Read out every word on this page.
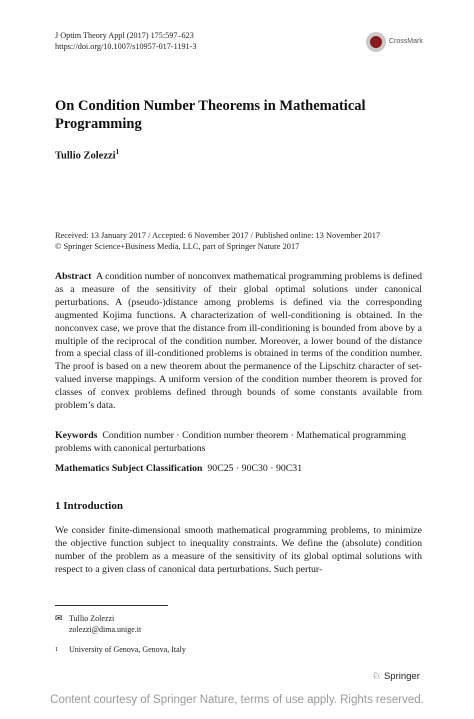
J Optim Theory Appl (2017) 175:597–623
https://doi.org/10.1007/s10957-017-1191-3	CrossMark
On Condition Number Theorems in Mathematical Programming
Tullio Zolezzi$^1$
Received: 13 January 2017 / Accepted: 6 November 2017 / Published online: 13 November 2017
© Springer Science+Business Media, LLC, part of Springer Nature 2017
Abstract A condition number of nonconvex mathematical programming problems is defined as a measure of the sensitivity of their global optimal solutions under canonical perturbations. A (pseudo-)distance among problems is defined via the corresponding augmented Kojima functions. A characterization of well-conditioning is obtained. In the nonconvex case, we prove that the distance from ill-conditioning is bounded from above by a multiple of the reciprocal of the condition number. Moreover, a lower bound of the distance from a special class of ill-conditioned problems is obtained in terms of the condition number. The proof is based on a new theorem about the permanence of the Lipschitz character of set-valued inverse mappings. A uniform version of the condition number theorem is proved for classes of convex problems defined through bounds of some constants available from problem’s data.
Keywords Condition number · Condition number theorem · Mathematical programming problems with canonical perturbations
Mathematics Subject Classification 90C25 · 90C30 · 90C31
1 Introduction
We consider finite-dimensional smooth mathematical programming problems, to minimize the objective function subject to inequality constraints. We define the (absolute) condition number of the problem as a measure of the sensitivity of its global optimal solutions with respect to a given class of canonical data perturbations. Such pertur-
✉ Tullio Zolezzi
zolezzi@dima.unige.it
1 University of Genova, Genova, Italy
♘ Springer
Content courtesy of Springer Nature, terms of use apply. Rights reserved.
